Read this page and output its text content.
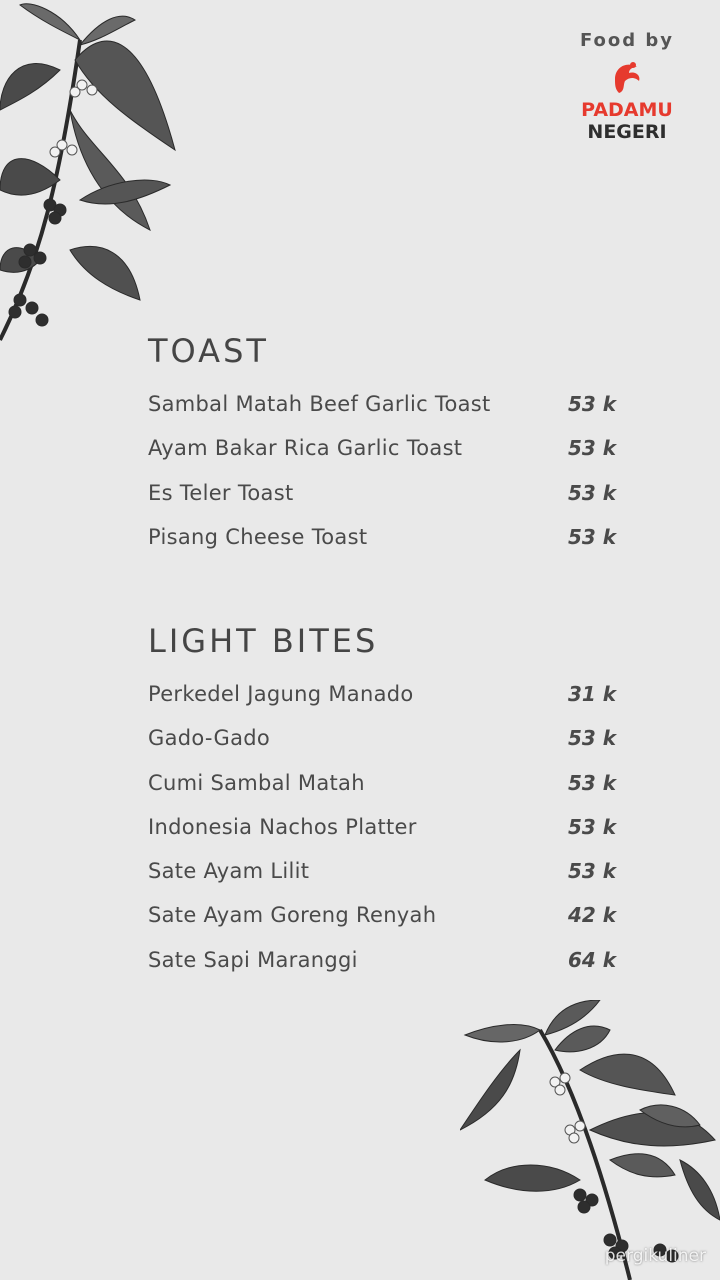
Food by
PADAMU
NEGERI
TOAST
Sambal Matah Beef Garlic Toast	53 k
Ayam Bakar Rica Garlic Toast	53 k
Es Teler Toast	53 k
Pisang Cheese Toast	53 k
LIGHT BITES
Perkedel Jagung Manado	31 k
Gado-Gado	53 k
Cumi Sambal Matah	53 k
Indonesia Nachos Platter	53 k
Sate Ayam Lilit	53 k
Sate Ayam Goreng Renyah	42 k
Sate Sapi Maranggi	64 k
pergikuliner
